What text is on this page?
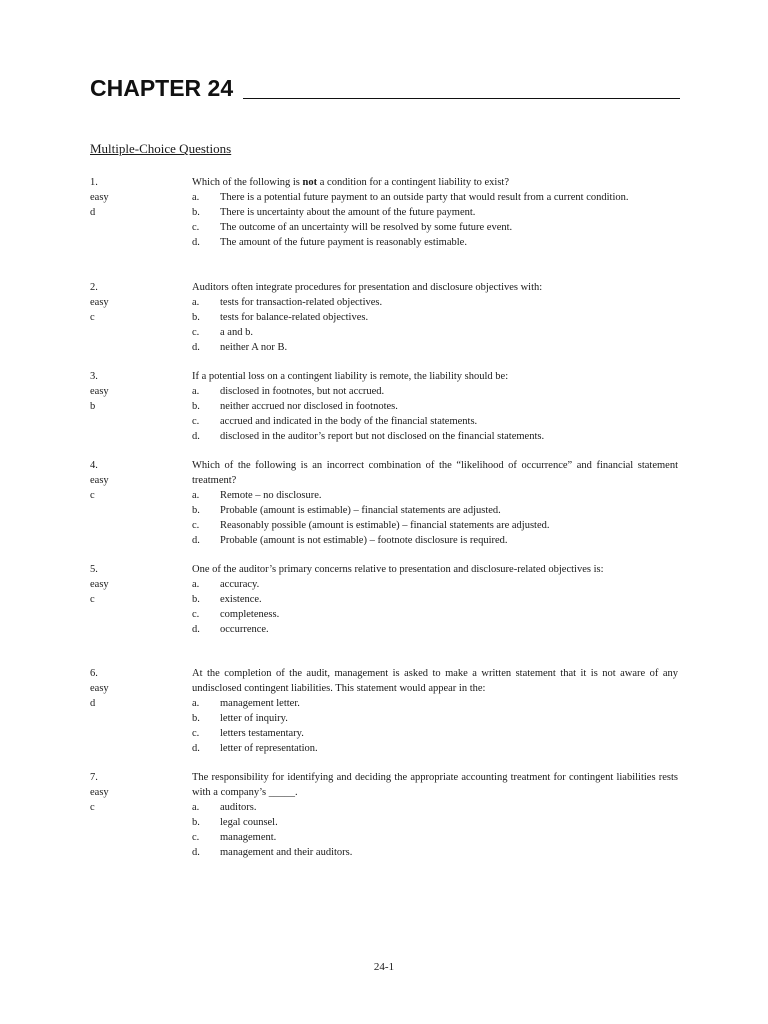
CHAPTER 24
Multiple-Choice Questions
1.
easy
d
Which of the following is not a condition for a contingent liability to exist?
a.	There is a potential future payment to an outside party that would result from a current condition.
b.	There is uncertainty about the amount of the future payment.
c.	The outcome of an uncertainty will be resolved by some future event.
d.	The amount of the future payment is reasonably estimable.
2.
easy
c
Auditors often integrate procedures for presentation and disclosure objectives with:
a.	tests for transaction-related objectives.
b.	tests for balance-related objectives.
c.	a and b.
d.	neither A nor B.
3.
easy
b
If a potential loss on a contingent liability is remote, the liability should be:
a.	disclosed in footnotes, but not accrued.
b.	neither accrued nor disclosed in footnotes.
c.	accrued and indicated in the body of the financial statements.
d.	disclosed in the auditor’s report but not disclosed on the financial statements.
4.
easy
c
Which of the following is an incorrect combination of the “likelihood of occurrence” and financial statement treatment?
a.	Remote – no disclosure.
b.	Probable (amount is estimable) – financial statements are adjusted.
c.	Reasonably possible (amount is estimable) – financial statements are adjusted.
d.	Probable (amount is not estimable) – footnote disclosure is required.
5.
easy
c
One of the auditor’s primary concerns relative to presentation and disclosure-related objectives is:
a.	accuracy.
b.	existence.
c.	completeness.
d.	occurrence.
6.
easy
d
At the completion of the audit, management is asked to make a written statement that it is not aware of any undisclosed contingent liabilities. This statement would appear in the:
a.	management letter.
b.	letter of inquiry.
c.	letters testamentary.
d.	letter of representation.
7.
easy
c
The responsibility for identifying and deciding the appropriate accounting treatment for contingent liabilities rests with a company’s _____.
a.	auditors.
b.	legal counsel.
c.	management.
d.	management and their auditors.
24-1
